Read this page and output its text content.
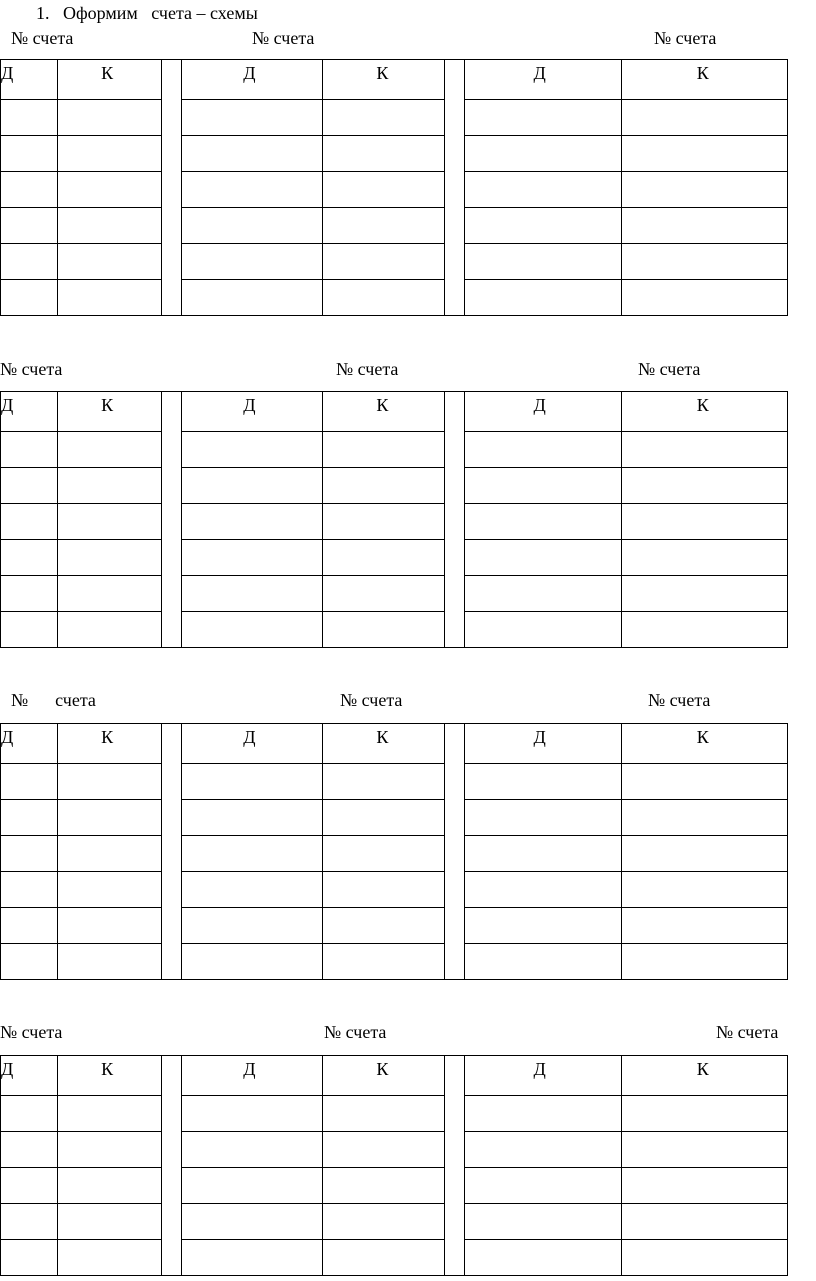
1. Оформим   счета – схемы
№ счета	№ счета	№ счета
Д	К		Д	К		Д	К

№ счета	№ счета	№ счета
Д	К		Д	К		Д	К

№      счета	№ счета	№ счета
Д	К		Д	К		Д	К

№ счета	№ счета	№ счета
Д	К		Д	К		Д	К
